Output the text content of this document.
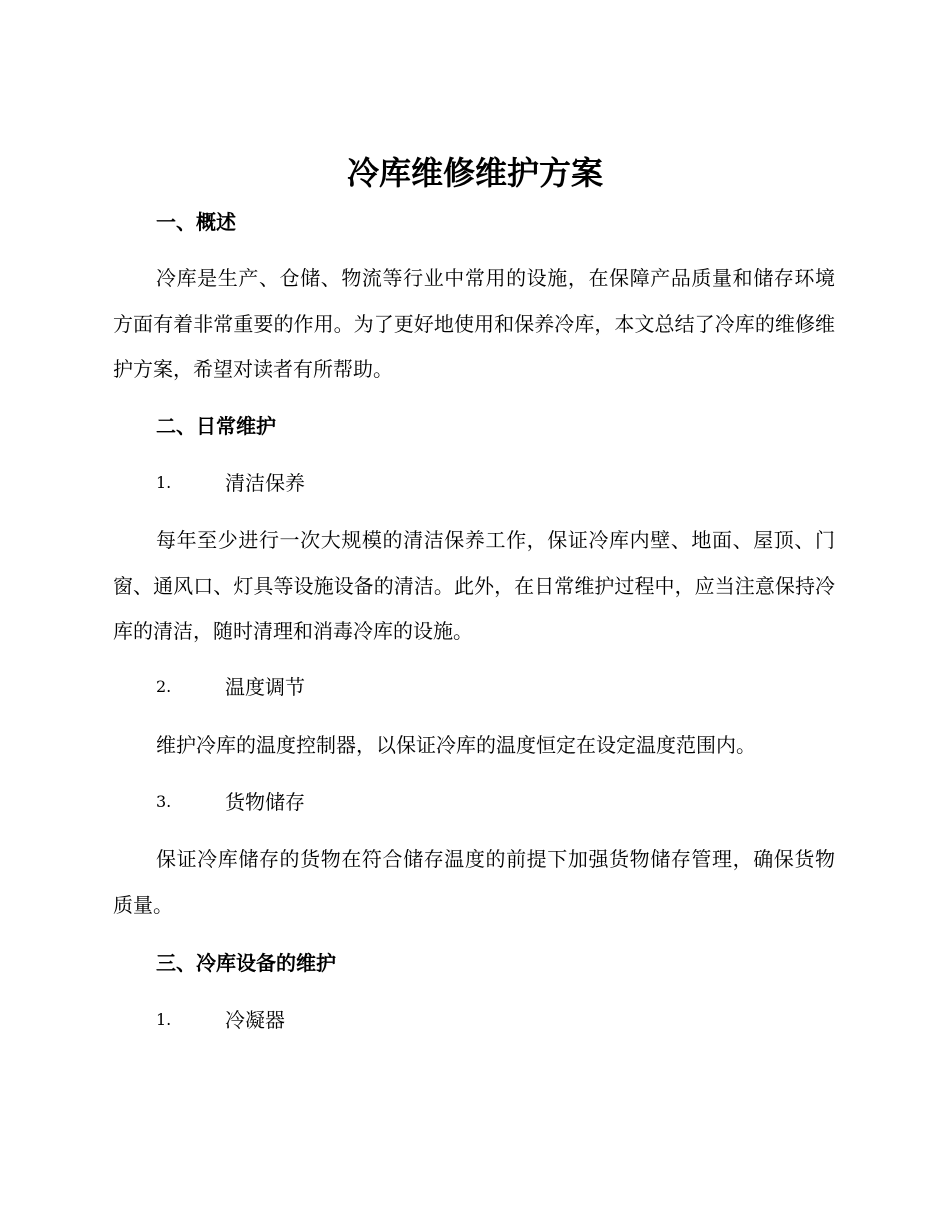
冷库维修维护方案
一、概述

冷库是生产、仓储、物流等行业中常用的设施，在保障产品质量和储存环境方面有着非常重要的作用。为了更好地使用和保养冷库，本文总结了冷库的维修维护方案，希望对读者有所帮助。

二、日常维护
1.	清洁保养

每年至少进行一次大规模的清洁保养工作，保证冷库内壁、地面、屋顶、门窗、通风口、灯具等设施设备的清洁。此外，在日常维护过程中，应当注意保持冷库的清洁，随时清理和消毒冷库的设施。

2.	温度调节

维护冷库的温度控制器，以保证冷库的温度恒定在设定温度范围内。

3.	货物储存

保证冷库储存的货物在符合储存温度的前提下加强货物储存管理，确保货物质量。

三、冷库设备的维护
1.	冷凝器
